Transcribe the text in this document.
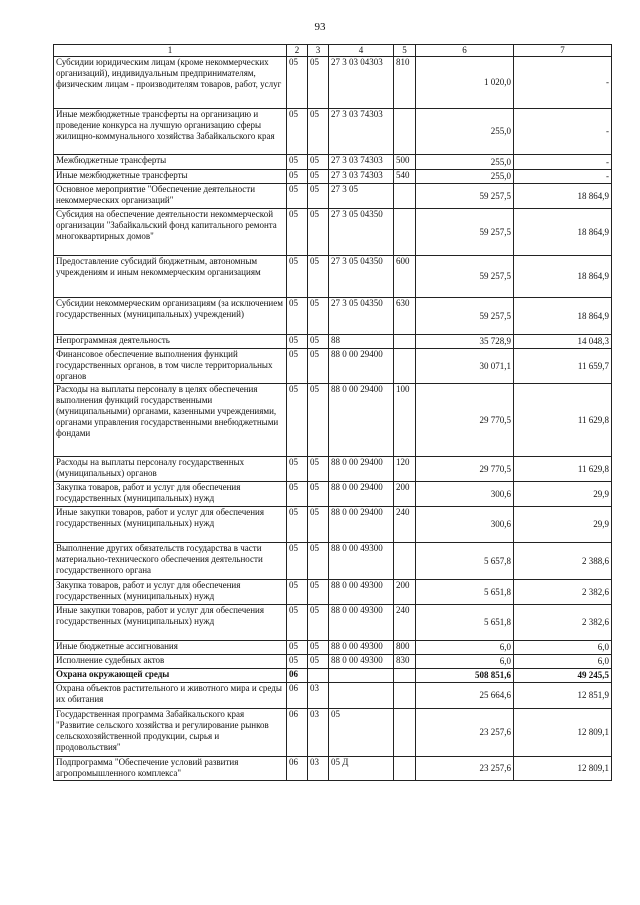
93
1	2	3	4	5	6	7
Субсидии юридическим лицам (кроме некоммерческих организаций), индивидуальным предпринимателям, физическим лицам - производителям товаров, работ, услуг	05	05	27 3 03 04303	810	1 020,0	-
Иные межбюджетные трансферты на организацию и проведение конкурса на лучшую организацию сферы жилищно-коммунального хозяйства Забайкальского края	05	05	27 3 03 74303		255,0	-
Межбюджетные трансферты	05	05	27 3 03 74303	500	255,0	-
Иные межбюджетные трансферты	05	05	27 3 03 74303	540	255,0	-
Основное мероприятие "Обеспечение деятельности некоммерческих организаций"	05	05	27 3 05		59 257,5	18 864,9
Субсидия на обеспечение деятельности некоммерческой организации "Забайкальский фонд капитального ремонта многоквартирных домов"	05	05	27 3 05 04350		59 257,5	18 864,9
Предоставление субсидий бюджетным, автономным учреждениям и иным некоммерческим организациям	05	05	27 3 05 04350	600	59 257,5	18 864,9
Субсидии некоммерческим организациям (за исключением государственных (муниципальных) учреждений)	05	05	27 3 05 04350	630	59 257,5	18 864,9
Непрограммная деятельность	05	05	88		35 728,9	14 048,3
Финансовое обеспечение выполнения функций государственных органов, в том числе территориальных органов	05	05	88 0 00 29400		30 071,1	11 659,7
Расходы на выплаты персоналу в целях обеспечения выполнения функций государственными (муниципальными) органами, казенными учреждениями, органами управления государственными внебюджетными фондами	05	05	88 0 00 29400	100	29 770,5	11 629,8
Расходы на выплаты персоналу государственных (муниципальных) органов	05	05	88 0 00 29400	120	29 770,5	11 629,8
Закупка товаров, работ и услуг для обеспечения государственных (муниципальных) нужд	05	05	88 0 00 29400	200	300,6	29,9
Иные закупки товаров, работ и услуг для обеспечения государственных (муниципальных) нужд	05	05	88 0 00 29400	240	300,6	29,9
Выполнение других обязательств государства в части материально-технического обеспечения деятельности государственного органа	05	05	88 0 00 49300		5 657,8	2 388,6
Закупка товаров, работ и услуг для обеспечения государственных (муниципальных) нужд	05	05	88 0 00 49300	200	5 651,8	2 382,6
Иные закупки товаров, работ и услуг для обеспечения государственных (муниципальных) нужд	05	05	88 0 00 49300	240	5 651,8	2 382,6
Иные бюджетные ассигнования	05	05	88 0 00 49300	800	6,0	6,0
Исполнение судебных актов	05	05	88 0 00 49300	830	6,0	6,0
Охрана окружающей среды	06				508 851,6	49 245,5
Охрана объектов растительного и животного мира и среды их обитания	06	03			25 664,6	12 851,9
Государственная программа Забайкальского края "Развитие сельского хозяйства и регулирование рынков сельскохозяйственной продукции, сырья и продовольствия"	06	03	05		23 257,6	12 809,1
Подпрограмма "Обеспечение условий развития агропромышленного комплекса"	06	03	05 Д		23 257,6	12 809,1
